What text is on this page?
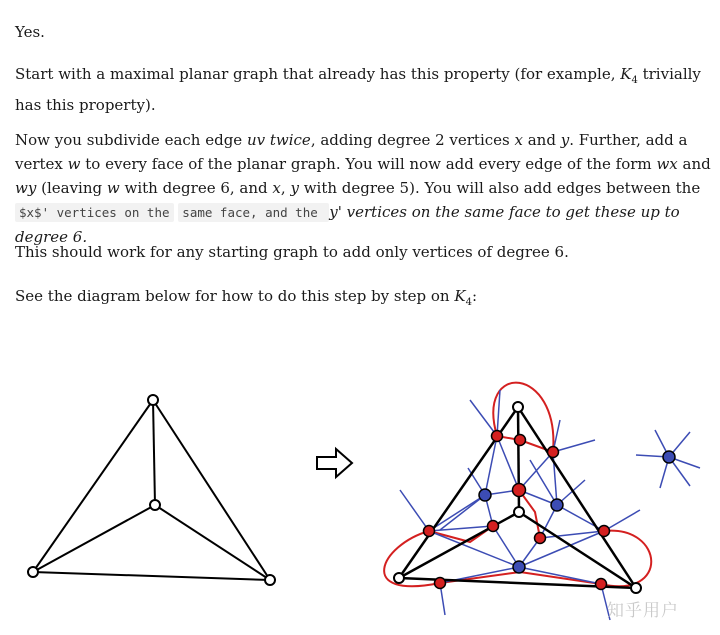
Yes.

Start with a maximal planar graph that already has this property (for example, $K_4$ trivially has this property).

Now you subdivide each edge uv twice, adding degree 2 vertices x and y. Further, add a vertex w to every face of the planar graph. You will now add every edge of the form wx and wy (leaving w with degree 6, and x, y with degree 5). You will also add edges between the $x$' vertices on the same face, and the y' vertices on the same face to get these up to degree 6.

This should work for any starting graph to add only vertices of degree 6.

See the diagram below for how to do this step by step on $K_4$:

知乎用户
